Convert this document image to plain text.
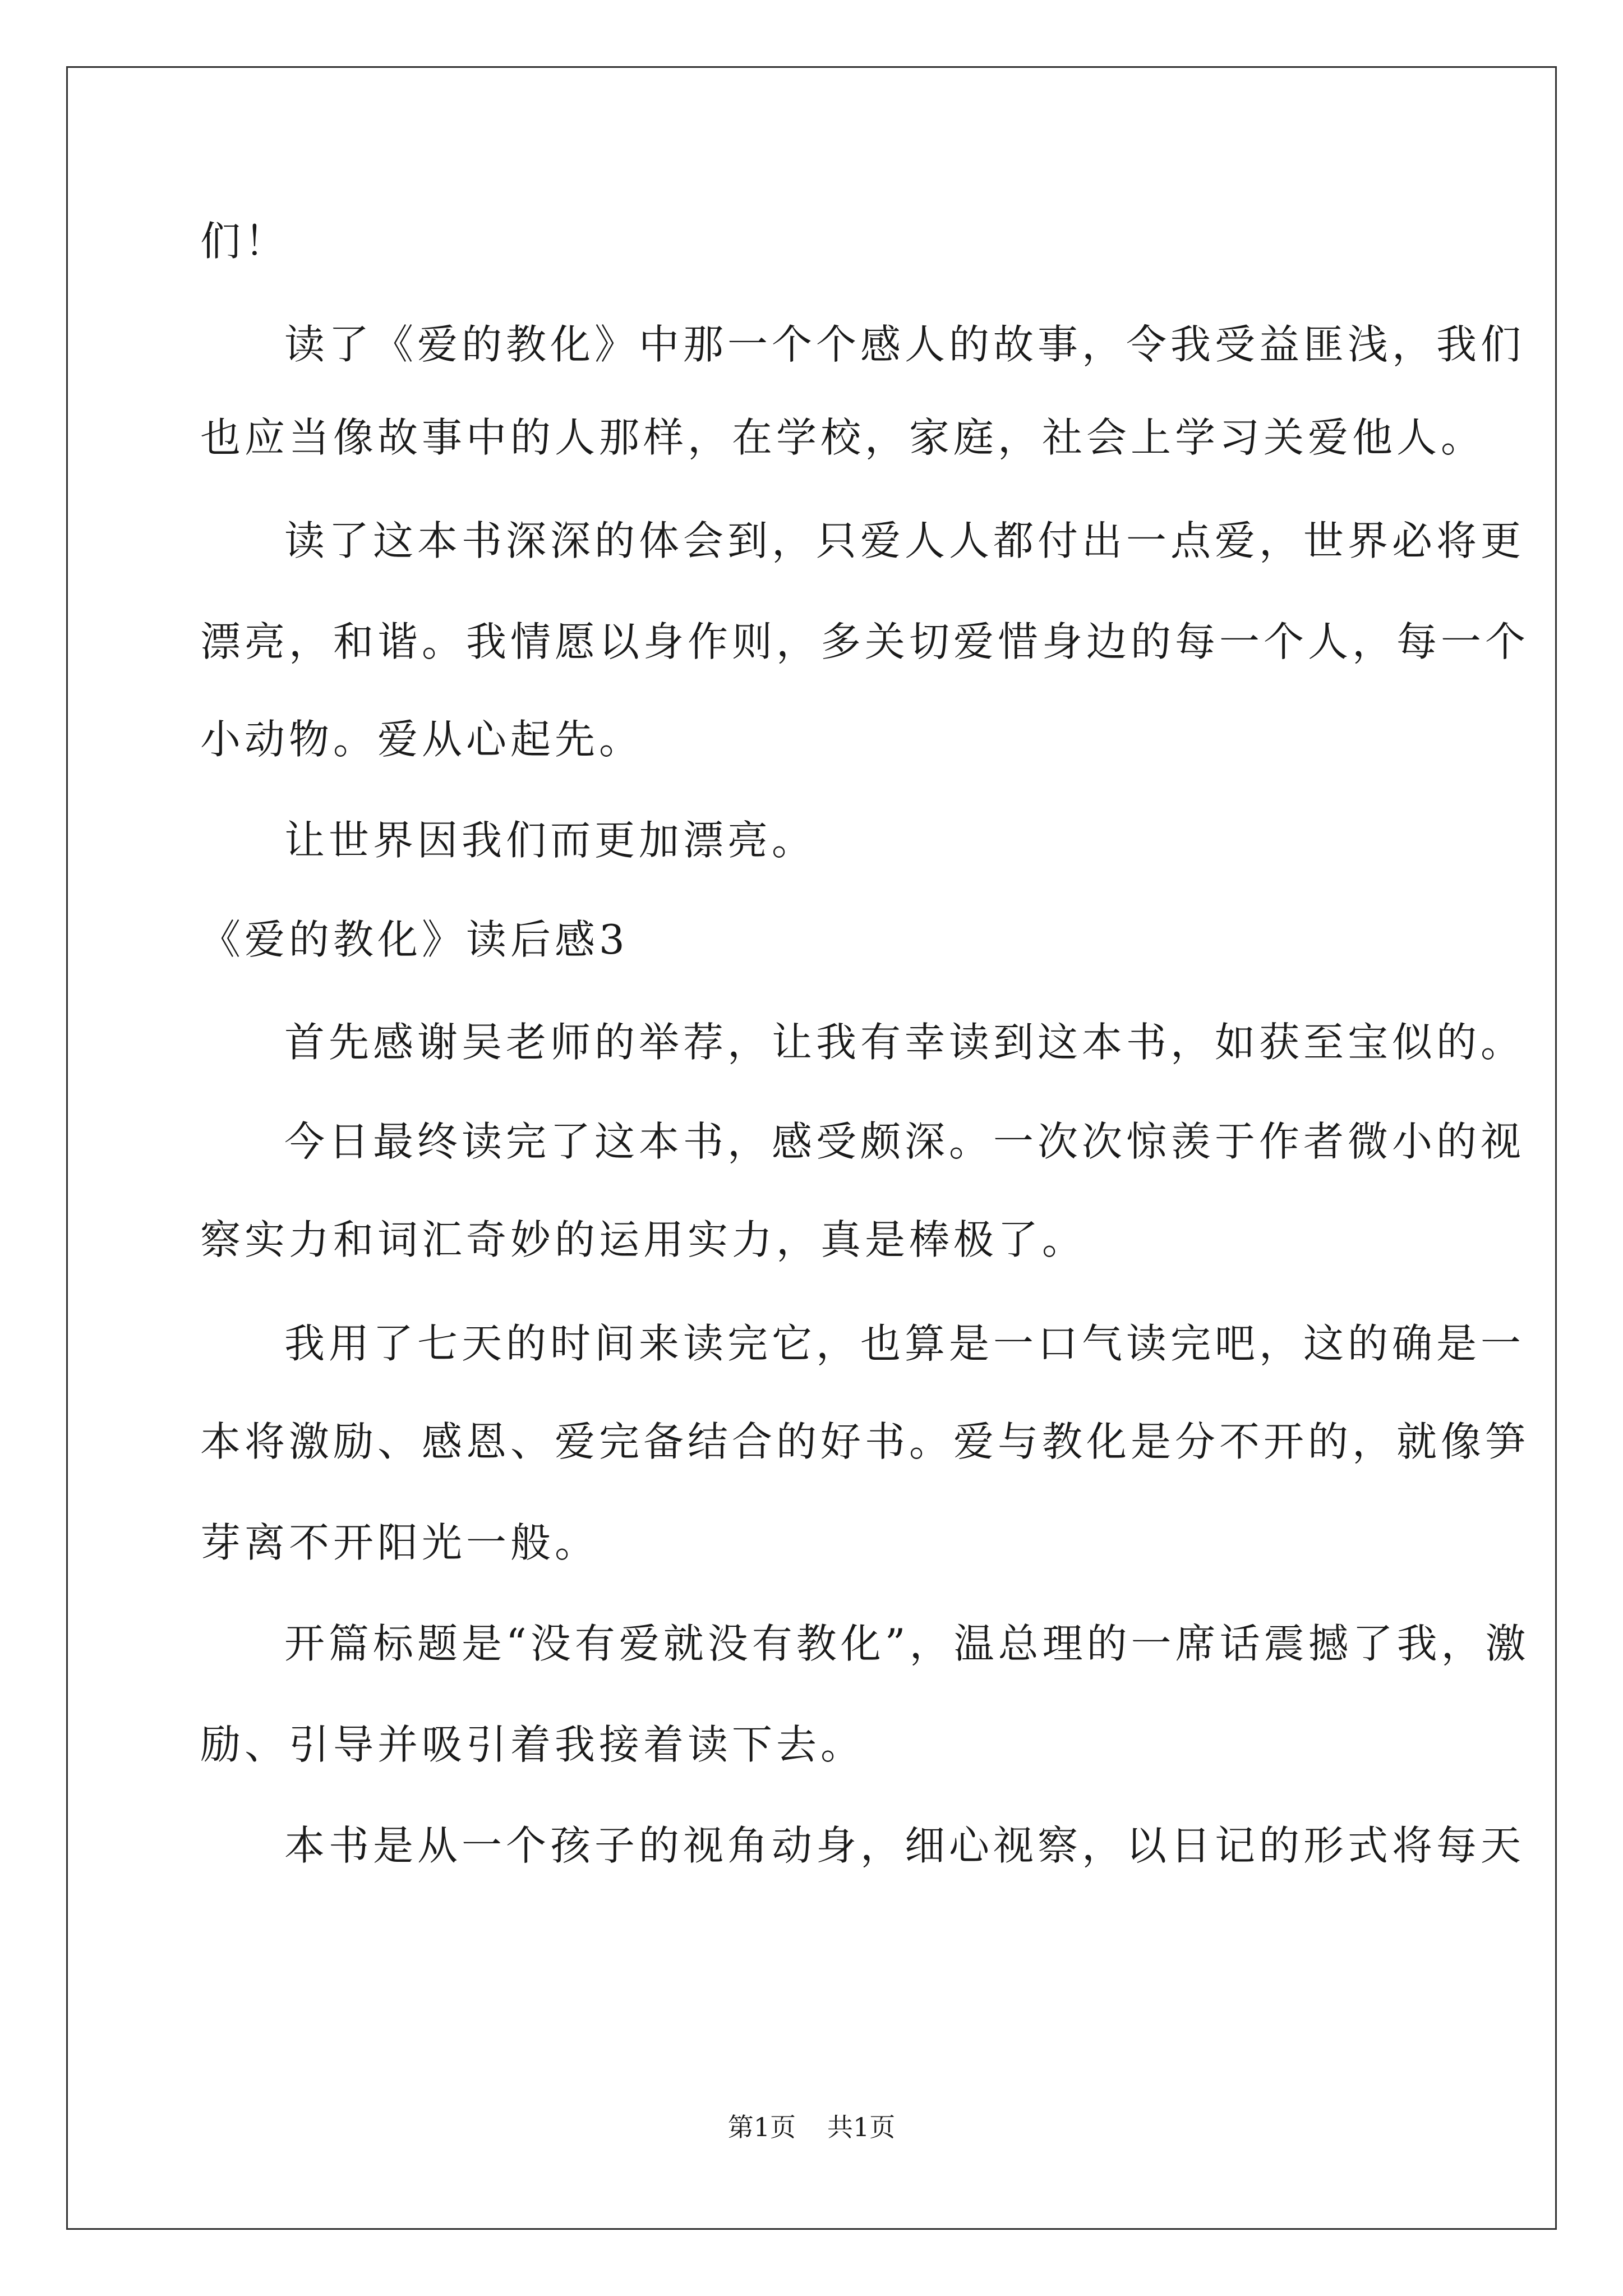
们！
读了《爱的教化》中那一个个感人的故事，令我受益匪浅，我们
也应当像故事中的人那样，在学校，家庭，社会上学习关爱他人。
读了这本书深深的体会到，只爱人人都付出一点爱，世界必将更
漂亮，和谐。我情愿以身作则，多关切爱惜身边的每一个人，每一个
小动物。爱从心起先。
让世界因我们而更加漂亮。
《爱的教化》读后感3
首先感谢吴老师的举荐，让我有幸读到这本书，如获至宝似的。
今日最终读完了这本书，感受颇深。一次次惊羡于作者微小的视
察实力和词汇奇妙的运用实力，真是棒极了。
我用了七天的时间来读完它，也算是一口气读完吧，这的确是一
本将激励、感恩、爱完备结合的好书。爱与教化是分不开的，就像笋
芽离不开阳光一般。
开篇标题是“没有爱就没有教化”，温总理的一席话震撼了我，激
励、引导并吸引着我接着读下去。
本书是从一个孩子的视角动身，细心视察，以日记的形式将每天
第1页 共1页
